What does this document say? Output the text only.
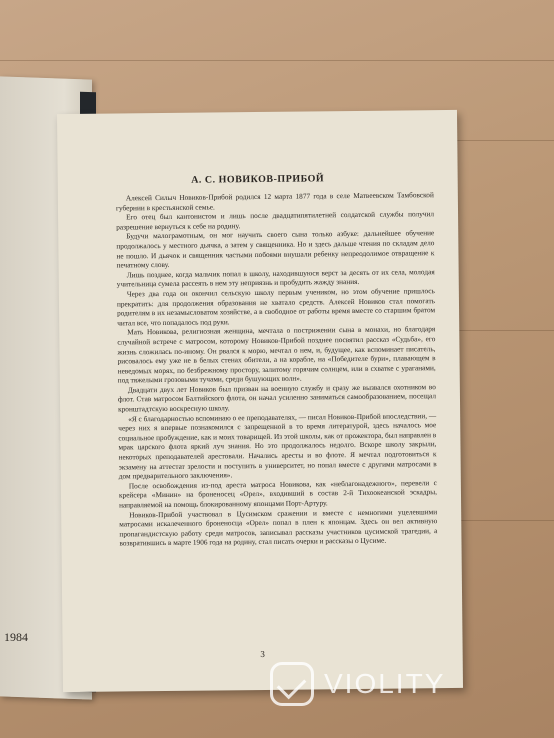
1984
А. С. НОВИКОВ-ПРИБОЙ

Алексей Силыч Новиков-Прибой родился 12 марта 1877 года в селе Матвеевском Тамбовской губернии в крестьянской семье.

Его отец был кантонистом и лишь после двадцатипятилетней солдатской службы получил разрешение вернуться к себе на родину.

Будучи малограмотным, он мог научить своего сына только азбуке: дальнейшее обучение продолжалось у местного дьячка, а затем у священника. Но и здесь дальше чтения по складам дело не пошло. И дьячок и священник частыми побоями внушали ребенку непреодолимое отвращение к печатному слову.

Лишь позднее, когда мальчик попал в школу, находившуюся верст за десять от их села, молодая учительница сумела рассеять в нем эту неприязнь и пробудить жажду знания.

Через два года он окончил сельскую школу первым учеником, но этом обучение пришлось прекратить: для продолжения образования не хватало средств. Алексей Новиков стал помогать родителям в их незамысловатом хозяйстве, а в свободное от работы время вместе со старшим братом читал все, что попадалось под руки.

Мать Новикова, религиозная женщина, мечтала о пострижении сына в монахи, но благодаря случайной встрече с матросом, которому Новиков-Прибой позднее посвятил рассказ «Судьба», его жизнь сложилась по-иному. Он рвался к морю, мечтал о нем, и, будущее, как вспоминает писатель, рисовалось ему уже не в белых стенах обители, а на корабле, на «Победителе бури», плавающем в неведомых морях, по безбрежному простору, залитому горячим солнцем, или в схватке с ураганами, под тяжелыми грозовыми тучами, среди бушующих волн».

Двадцати двух лет Новиков был призван на военную службу и сразу же вызвался охотником во флот. Став матросом Балтийского флота, он начал усиленно заниматься самообразованием, посещал кронштадтскую воскресную школу.

«Я с благодарностью вспоминаю о ее преподавателях, — писал Новиков-Прибой впоследствии, — через них я впервые познакомился с запрещенной в то время литературой, здесь началось мое социальное пробуждение, как и моих товарищей. Из этой школы, как от прожектора, был направлен в мрак царского флота яркий луч знания. Но это продолжалось недолго. Вскоре школу закрыли, некоторых преподавателей арестовали. Начались аресты и во флоте. Я мечтал подготовиться к экзамену на аттестат зрелости и поступить в университет, но попал вместе с другими матросами в дом предварительного заключения».

После освобождения из-под ареста матроса Новикова, как «неблагонадежного», перевели с крейсера «Минин» на броненосец «Орел», входивший в состав 2-й Тихоокеанской эскадры, направляемой на помощь блокированному японцами Порт-Артуру.

Новиков-Прибой участвовал в Цусимском сражении и вместе с немногими уцелевшими матросами искалеченного броненосца «Орел» попал в плен к японцам. Здесь он вел активную пропагандистскую работу среди матросов, записывал рассказы участников цусимской трагедии, а возвратившись в марте 1906 года на родину, стал писать очерки и рассказы о Цусиме.

3
VIOLITY
